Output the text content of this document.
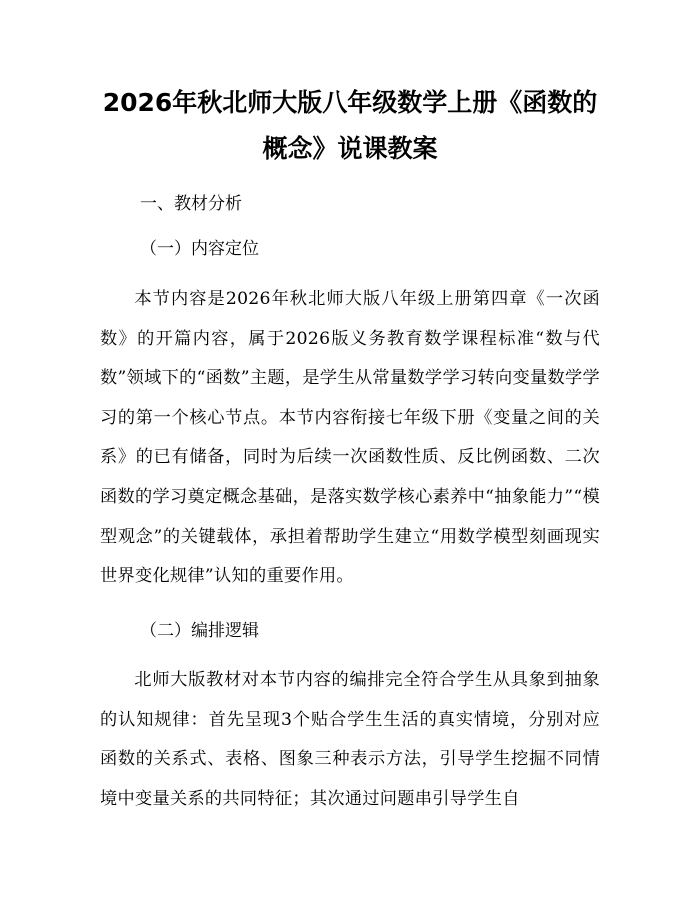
2026年秋北师大版八年级数学上册《函数的
概念》说课教案
一、教材分析
（一）内容定位

本节内容是2026年秋北师大版八年级上册第四章《一次函数》的开篇内容，属于2026版义务教育数学课程标准“数与代数”领域下的“函数”主题，是学生从常量数学学习转向变量数学学习的第一个核心节点。本节内容衔接七年级下册《变量之间的关系》的已有储备，同时为后续一次函数性质、反比例函数、二次函数的学习奠定概念基础，是落实数学核心素养中“抽象能力”“模型观念”的关键载体，承担着帮助学生建立“用数学模型刻画现实世界变化规律”认知的重要作用。

（二）编排逻辑

北师大版教材对本节内容的编排完全符合学生从具象到抽象的认知规律：首先呈现3个贴合学生生活的真实情境，分别对应函数的关系式、表格、图象三种表示方法，引导学生挖掘不同情境中变量关系的共同特征；其次通过问题串引导学生自
